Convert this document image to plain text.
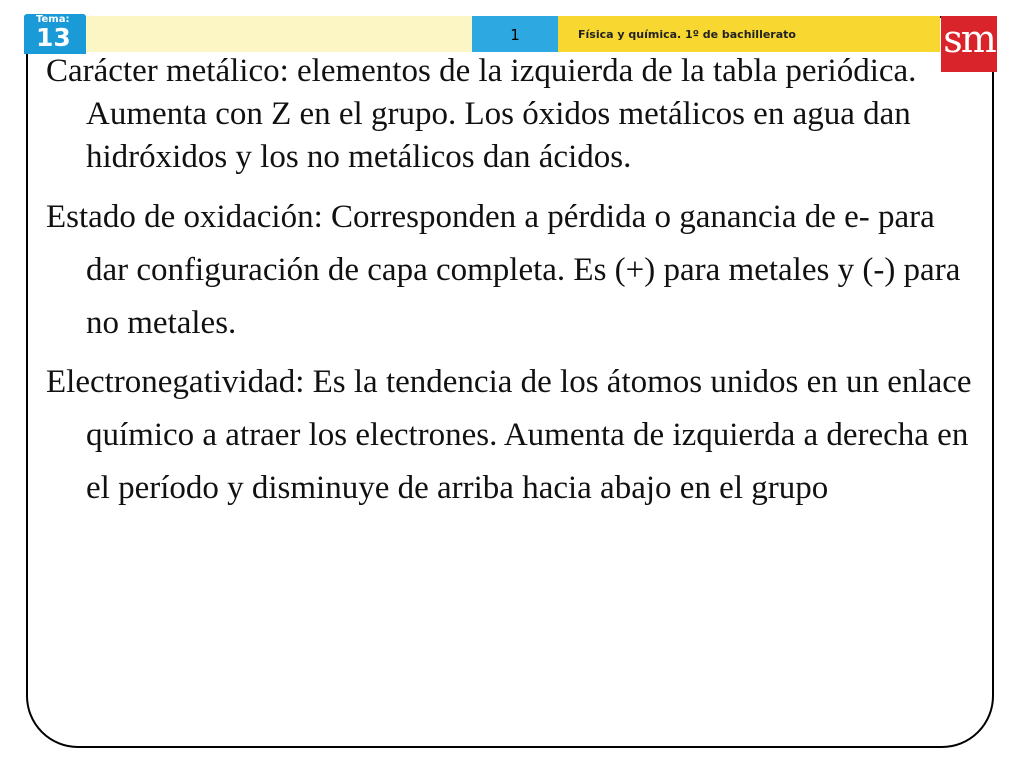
Tema:
13	1	Física y química. 1º de bachillerato	sm

Carácter metálico: elementos de la izquierda de la tabla periódica. Aumenta con Z en el grupo. Los óxidos metálicos en agua dan hidróxidos y los no metálicos dan ácidos.

Estado de oxidación: Corresponden a pérdida o ganancia de e- para dar configuración de capa completa. Es (+) para metales y (-) para no metales.

Electronegatividad: Es la tendencia de los átomos unidos en un enlace químico a atraer los electrones. Aumenta de izquierda a derecha en el período y disminuye de arriba hacia abajo en el grupo
